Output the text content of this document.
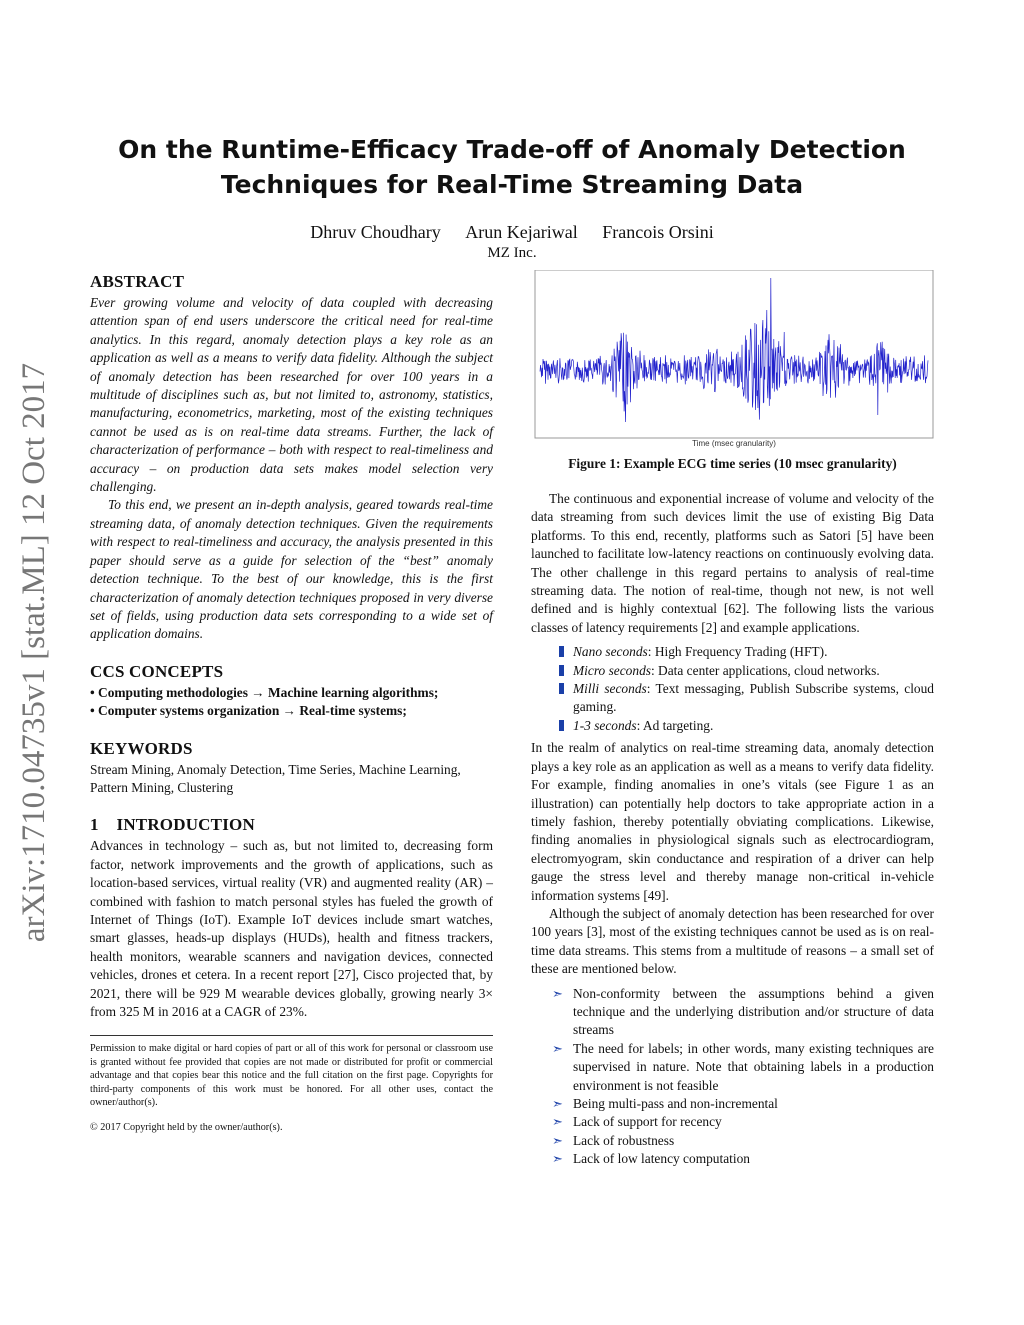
arXiv:1710.04735v1 [stat.ML] 12 Oct 2017
On the Runtime-Efficacy Trade-off of Anomaly Detection
Techniques for Real-Time Streaming Data
Dhruv Choudhary Arun Kejariwal Francois Orsini
MZ Inc.
ABSTRACT

Ever growing volume and velocity of data coupled with decreasing attention span of end users underscore the critical need for real-time analytics. In this regard, anomaly detection plays a key role as an application as well as a means to verify data fidelity. Although the subject of anomaly detection has been researched for over 100 years in a multitude of disciplines such as, but not limited to, astronomy, statistics, manufacturing, econometrics, marketing, most of the existing techniques cannot be used as is on real-time data streams. Further, the lack of characterization of performance – both with respect to real-timeliness and accuracy – on production data sets makes model selection very challenging.

To this end, we present an in-depth analysis, geared towards real-time streaming data, of anomaly detection techniques. Given the requirements with respect to real-timeliness and accuracy, the analysis presented in this paper should serve as a guide for selection of the “best” anomaly detection technique. To the best of our knowledge, this is the first characterization of anomaly detection techniques proposed in very diverse set of fields, using production data sets corresponding to a wide set of application domains.

CCS CONCEPTS

• Computing methodologies → Machine learning algorithms;

• Computer systems organization → Real-time systems;

KEYWORDS

Stream Mining, Anomaly Detection, Time Series, Machine Learning, Pattern Mining, Clustering

1    INTRODUCTION

Advances in technology – such as, but not limited to, decreasing form factor, network improvements and the growth of applications, such as location-based services, virtual reality (VR) and augmented reality (AR) – combined with fashion to match personal styles has fueled the growth of Internet of Things (IoT). Example IoT devices include smart watches, smart glasses, heads-up displays (HUDs), health and fitness trackers, health monitors, wearable scanners and navigation devices, connected vehicles, drones et cetera. In a recent report [27], Cisco projected that, by 2021, there will be 929 M wearable devices globally, growing nearly 3× from 325 M in 2016 at a CAGR of 23%.

Permission to make digital or hard copies of part or all of this work for personal or classroom use is granted without fee provided that copies are not made or distributed for profit or commercial advantage and that copies bear this notice and the full citation on the first page. Copyrights for third-party components of this work must be honored. For all other uses, contact the owner/author(s).

© 2017 Copyright held by the owner/author(s).

Time (msec granularity)
Figure 1: Example ECG time series (10 msec granularity)

The continuous and exponential increase of volume and velocity of the data streaming from such devices limit the use of existing Big Data platforms. To this end, recently, platforms such as Satori [5] have been launched to facilitate low-latency reactions on continuously evolving data. The other challenge in this regard pertains to analysis of real-time streaming data. The notion of real-time, though not new, is not well defined and is highly contextual [62]. The following lists the various classes of latency requirements [2] and example applications.

Nano seconds: High Frequency Trading (HFT).
Micro seconds: Data center applications, cloud networks.
Milli seconds: Text messaging, Publish Subscribe systems, cloud gaming.
1-3 seconds: Ad targeting.

In the realm of analytics on real-time streaming data, anomaly detection plays a key role as an application as well as a means to verify data fidelity. For example, finding anomalies in one’s vitals (see Figure 1 as an illustration) can potentially help doctors to take appropriate action in a timely fashion, thereby potentially obviating complications. Likewise, finding anomalies in physiological signals such as electrocardiogram, electromyogram, skin conductance and respiration of a driver can help gauge the stress level and thereby manage non-critical in-vehicle information systems [49].

Although the subject of anomaly detection has been researched for over 100 years [3], most of the existing techniques cannot be used as is on real-time data streams. This stems from a multitude of reasons – a small set of these are mentioned below.

➣ Non-conformity between the assumptions behind a given technique and the underlying distribution and/or structure of data streams
➣ The need for labels; in other words, many existing techniques are supervised in nature. Note that obtaining labels in a production environment is not feasible
➣ Being multi-pass and non-incremental
➣ Lack of support for recency
➣ Lack of robustness
➣ Lack of low latency computation
